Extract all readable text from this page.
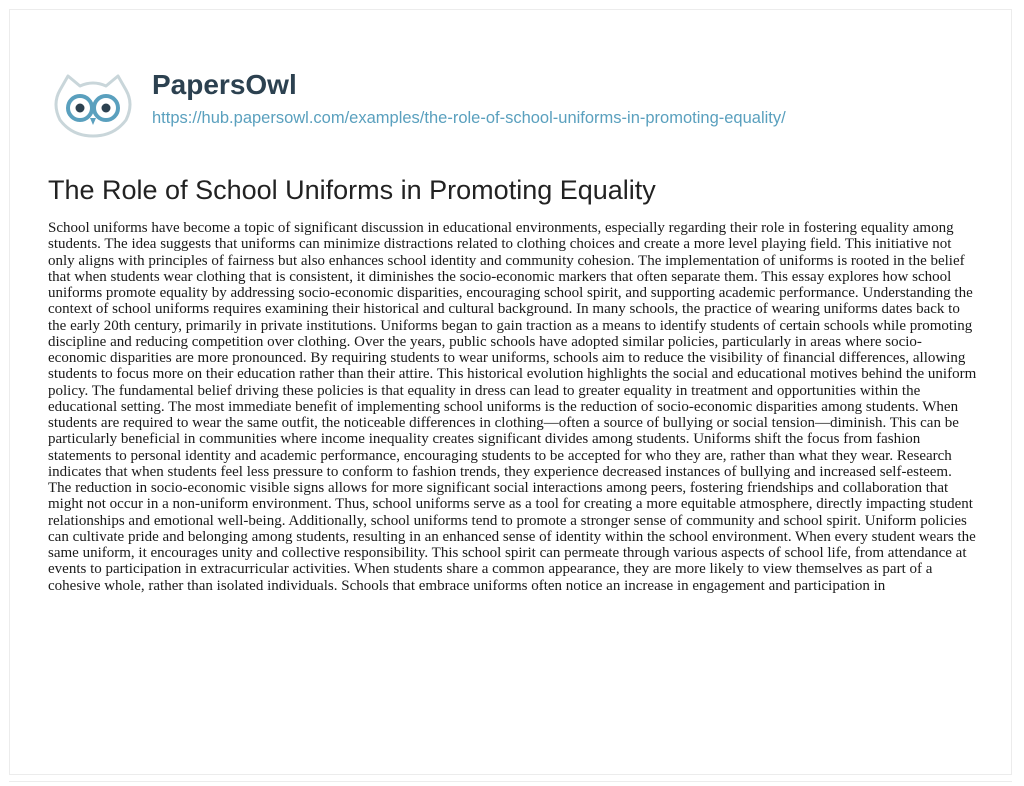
PapersOwl
https://hub.papersowl.com/examples/the-role-of-school-uniforms-in-promoting-equality/
The Role of School Uniforms in Promoting Equality

School uniforms have become a topic of significant discussion in educational environments, especially regarding their role in fostering equality among students. The idea suggests that uniforms can minimize distractions related to clothing choices and create a more level playing field. This initiative not only aligns with principles of fairness but also enhances school identity and community cohesion. The implementation of uniforms is rooted in the belief that when students wear clothing that is consistent, it diminishes the socio-economic markers that often separate them. This essay explores how school uniforms promote equality by addressing socio-economic disparities, encouraging school spirit, and supporting academic performance. Understanding the context of school uniforms requires examining their historical and cultural background. In many schools, the practice of wearing uniforms dates back to the early 20th century, primarily in private institutions. Uniforms began to gain traction as a means to identify students of certain schools while promoting discipline and reducing competition over clothing. Over the years, public schools have adopted similar policies, particularly in areas where socio-economic disparities are more pronounced. By requiring students to wear uniforms, schools aim to reduce the visibility of financial differences, allowing students to focus more on their education rather than their attire. This historical evolution highlights the social and educational motives behind the uniform policy. The fundamental belief driving these policies is that equality in dress can lead to greater equality in treatment and opportunities within the educational setting. The most immediate benefit of implementing school uniforms is the reduction of socio-economic disparities among students. When students are required to wear the same outfit, the noticeable differences in clothing—often a source of bullying or social tension—diminish. This can be particularly beneficial in communities where income inequality creates significant divides among students. Uniforms shift the focus from fashion statements to personal identity and academic performance, encouraging students to be accepted for who they are, rather than what they wear. Research indicates that when students feel less pressure to conform to fashion trends, they experience decreased instances of bullying and increased self-esteem. The reduction in socio-economic visible signs allows for more significant social interactions among peers, fostering friendships and collaboration that might not occur in a non-uniform environment. Thus, school uniforms serve as a tool for creating a more equitable atmosphere, directly impacting student relationships and emotional well-being. Additionally, school uniforms tend to promote a stronger sense of community and school spirit. Uniform policies can cultivate pride and belonging among students, resulting in an enhanced sense of identity within the school environment. When every student wears the same uniform, it encourages unity and collective responsibility. This school spirit can permeate through various aspects of school life, from attendance at events to participation in extracurricular activities. When students share a common appearance, they are more likely to view themselves as part of a cohesive whole, rather than isolated individuals. Schools that embrace uniforms often notice an increase in engagement and participation in
